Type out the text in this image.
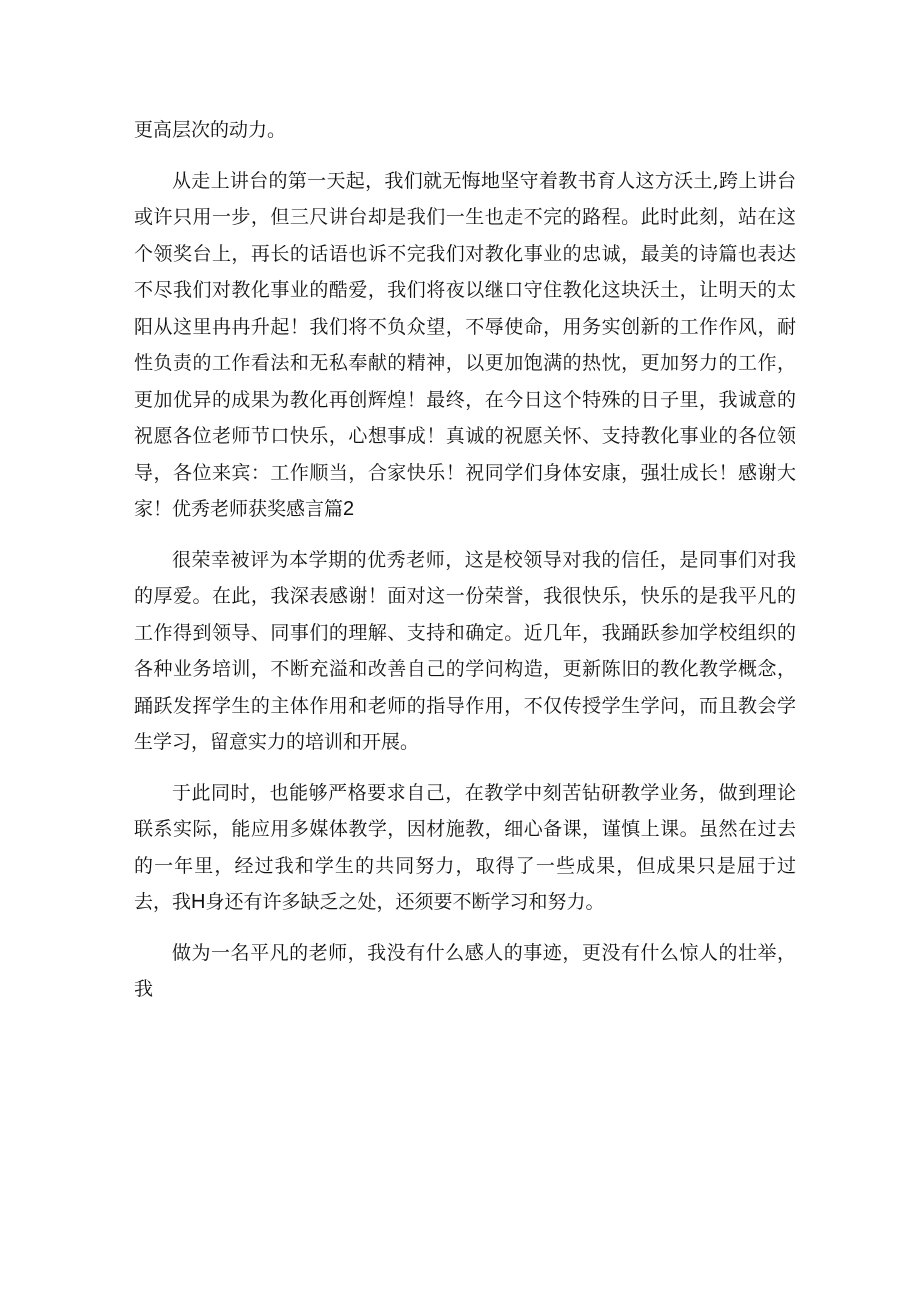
更高层次的动力。

从走上讲台的第一天起，我们就无悔地坚守着教书育人这方沃土,跨上讲台或许只用一步，但三尺讲台却是我们一生也走不完的路程。此时此刻，站在这个领奖台上，再长的话语也诉不完我们对教化事业的忠诚，最美的诗篇也表达不尽我们对教化事业的酷爱，我们将夜以继口守住教化这块沃土，让明天的太阳从这里冉冉升起！我们将不负众望，不辱使命，用务实创新的工作作风，耐性负责的工作看法和无私奉献的精神，以更加饱满的热忱，更加努力的工作，更加优异的成果为教化再创辉煌！最终，在今日这个特殊的日子里，我诚意的祝愿各位老师节口快乐，心想事成！真诚的祝愿关怀、支持教化事业的各位领导，各位来宾：工作顺当，合家快乐！祝同学们身体安康，强壮成长！感谢大家！优秀老师获奖感言篇2

很荣幸被评为本学期的优秀老师，这是校领导对我的信任，是同事们对我的厚爱。在此，我深表感谢！面对这一份荣誉，我很快乐，快乐的是我平凡的工作得到领导、同事们的理解、支持和确定。近几年，我踊跃参加学校组织的各种业务培训，不断充溢和改善自己的学问构造，更新陈旧的教化教学概念，踊跃发挥学生的主体作用和老师的指导作用，不仅传授学生学问，而且教会学生学习，留意实力的培训和开展。

于此同时，也能够严格要求自己，在教学中刻苦钻研教学业务，做到理论联系实际，能应用多媒体教学，因材施教，细心备课，谨慎上课。虽然在过去的一年里，经过我和学生的共同努力，取得了一些成果，但成果只是屈于过去，我H身还有许多缺乏之处，还须要不断学习和努力。

做为一名平凡的老师，我没有什么感人的事迹，更没有什么惊人的壮举，我
